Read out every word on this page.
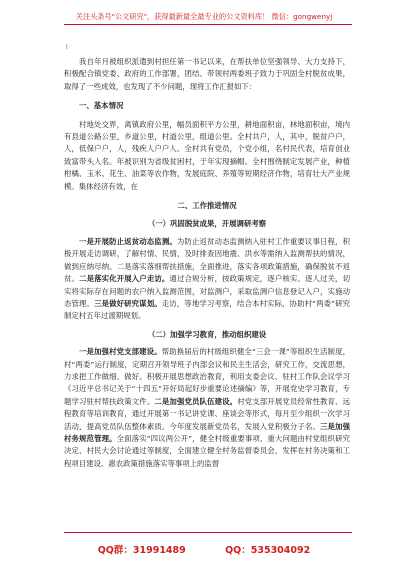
关注头条号"公文研究"，获得最新最全最专业的公文资料库！ 微信：gongwenyj
l

我自年月被组织派遣到村担任第一书记以来，在帮扶单位坚强领导、大力支持下，积极配合镇党委、政府的工作部署，团结、带领村两委班子致力于巩固全村脱贫成果，取得了一些成效，也发现了不少问题，现将工作汇报如下：

一、基本情况

村地处交界，离镇政府公里，幅员面积平方公里，耕地面积亩，林地面积亩，境内有县道公路公里，乡道公里，村道公里，组道公里。全村共户，人，其中，脱贫户户，人，低保户户，人，残疾人户户人。全村共有党员，个党小组，名村民代表，培育创业致富带头人名。年被识别为省级贫困村，于年实现摘帽。全村围绕制定发展产业，种植柑橘、玉米、花生、油菜等农作物，发展庭院、养殖等短期经济作物，培育壮大产业规模。集体经济有效，在

二、工作推进情况
（一）巩固脱贫成果，开展调研考察

一是开展防止返贫动态监测。为防止返贫动态监测纳入驻村工作重要议事日程，积极开展走访调研，了解村情、民情，及时排查因地震、洪水等需纳入监测帮扶的情况，做到应纳尽纳。二是落实落细帮扶措施，全面推进，落实各项政策措施，确保脱贫不返贫。二是落实化开展入户走访。通过合规分析，按政策规定，逐户核实、逐人过关，切实将实际存在问题的农户纳入监测范围，对监测户，采取监测户信息登记入户，实施动态管理。三是做好研究谋划。走访，等地学习考察，结合本村实际，协助村“两委”研究制定村五年过渡期规划。

（二）加强学习教育，推动组织建设

一是加强村党支部建设。帮助换届后的村级组织健全“三会一课”等组织生活制度，村“两委”运行制度，定期召开领导班子内部会议和民主生活会，研究工作，交流思想，力求把工作做细、做好。积极开展思想政治教育，利用支委会议、驻村工作队会议学习《习近平总书记关于“十四五”开好局起好步重要论述摘编》等，开展党史学习教育，专题学习驻村帮扶政策文件。二是加强党员队伍建设。村党支部开展党员经常性教育、远程教育等培训教育，通过开展第一书记讲党课、座谈会等形式，每月至少组织一次学习活动，提高党员队伍整体素质。今年度发展新党员名，发展入党积极分子名。三是加强村务规范管理。全面落实“四议两公开”，健全村级重要事项、重大问题由村党组织研究决定、村民大会讨论通过等制度，全面建立健全村务监督委员会，发挥在村务决策和工程项目建设、惠农政策措施落实等事项上的监督

QQ群：31991489	QQ：535304092
